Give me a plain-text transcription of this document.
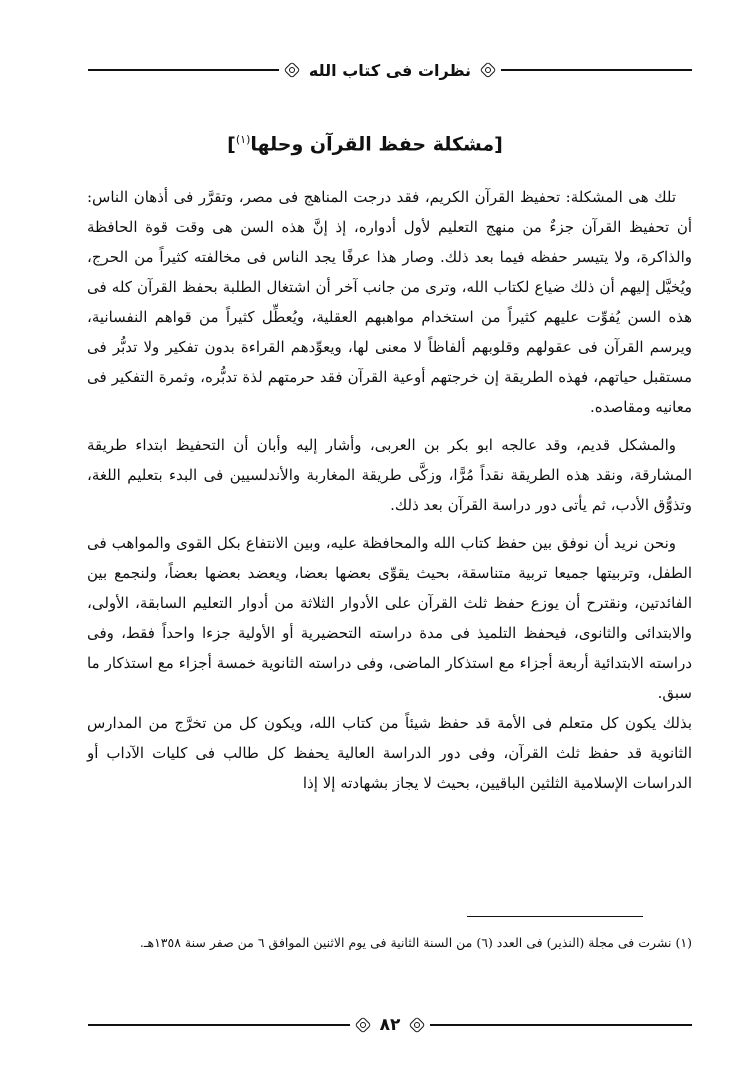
نظرات فى كتاب الله
[مشكلة حفظ القرآن وحلها$^{(١)}$]

تلك هى المشكلة: تحفيظ القرآن الكريم، فقد درجت المناهج فى مصر، وتقرَّر فى أذهان الناس: أن تحفيظ القرآن جزءٌ من منهج التعليم لأول أدواره، إذ إنَّ هذه السن هى وقت قوة الحافظة والذاكرة، ولا يتيسر حفظه فيما بعد ذلك. وصار هذا عرفًا يجد الناس فى مخالفته كثيراً من الحرج، ويُخيَّل إليهم أن ذلك ضياع لكتاب الله، وترى من جانب آخر أن اشتغال الطلبة بحفظ القرآن كله فى هذه السن يُفوِّت عليهم كثيراً من استخدام مواهبهم العقلية، ويُعطِّل كثيراً من قواهم النفسانية، ويرسم القرآن فى عقولهم وقلوبهم ألفاظاً لا معنى لها، ويعوِّدهم القراءة بدون تفكير ولا تدبُّر فى مستقبل حياتهم، فهذه الطريقة إن خرجتهم أوعية القرآن فقد حرمتهم لذة تدبُّره، وثمرة التفكير فى معانيه ومقاصده.

والمشكل قديم، وقد عالجه ابو بكر بن العربى، وأشار إليه وأبان أن التحفيظ ابتداء طريقة المشارقة، ونقد هذه الطريقة نقداً مُرًّا، وزكَّى طريقة المغاربة والأندلسيين فى البدء بتعليم اللغة، وتذوُّق الأدب، ثم يأتى دور دراسة القرآن بعد ذلك.

ونحن نريد أن نوفق بين حفظ كتاب الله والمحافظة عليه، وبين الانتفاع بكل القوى والمواهب فى الطفل، وتربيتها جميعا تربية متناسقة، بحيث يقوِّى بعضها بعضا، ويعضد بعضها بعضاً، ولنجمع بين الفائدتين، ونقترح أن يوزع حفظ ثلث القرآن على الأدوار الثلاثة من أدوار التعليم السابقة، الأولى، والابتدائى والثانوى، فيحفظ التلميذ فى مدة دراسته التحضيرية أو الأولية جزءا واحداً فقط، وفى دراسته الابتدائية أربعة أجزاء مع استذكار الماضى، وفى دراسته الثانوية خمسة أجزاء مع استذكار ما سبق.

بذلك يكون كل متعلم فى الأمة قد حفظ شيئاً من كتاب الله، ويكون كل من تخرَّج من المدارس الثانوية قد حفظ ثلث القرآن، وفى دور الدراسة العالية يحفظ كل طالب فى كليات الآداب أو الدراسات الإسلامية الثلثين الباقيين، بحيث لا يجاز بشهادته إلا إذا

(١) نشرت فى مجلة (النذير) فى العدد (٦) من السنة الثانية فى يوم الاثنين الموافق ٦ من صفر سنة ١٣٥٨هـ.
٨٢
